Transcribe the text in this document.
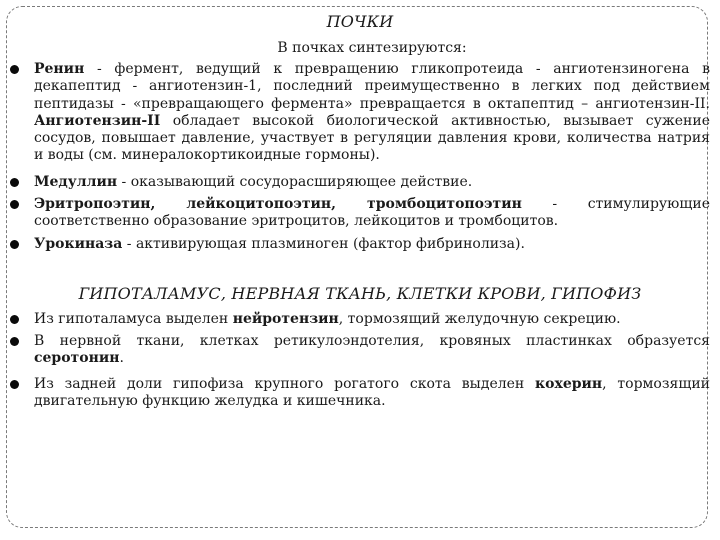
ПОЧКИ
В почках синтезируются:
Ренин - фермент, ведущий к превращению гликопротеида - ангиотензиногена в декапептид - ангиотензин-1, последний преимущественно в легких под действием пептидазы - «превращающего фермента» превращается в октапептид – ангиотензин-II. Ангиотензин-II обладает высокой биологической активностью, вызывает сужение сосудов, повышает давление, участвует в регуляции давления крови, количества натрия и воды (см. минералокортикоидные гормоны).
Медуллин - оказывающий сосудорасширяющее действие.
Эритропоэтин, лейкоцитопоэтин, тромбоцитопоэтин - стимулирующие соответственно образование эритроцитов, лейкоцитов и тромбоцитов.
Урокиназа - активирующая плазминоген (фактор фибринолиза).
ГИПОТАЛАМУС, НЕРВНАЯ ТКАНЬ, КЛЕТКИ КРОВИ, ГИПОФИЗ
Из гипоталамуса выделен нейротензин, тормозящий желудочную секрецию.
В нервной ткани, клетках ретикулоэндотелия, кровяных пластинках образуется серотонин.
Из задней доли гипофиза крупного рогатого скота выделен кохерин, тормозящий двигательную функцию желудка и кишечника.
